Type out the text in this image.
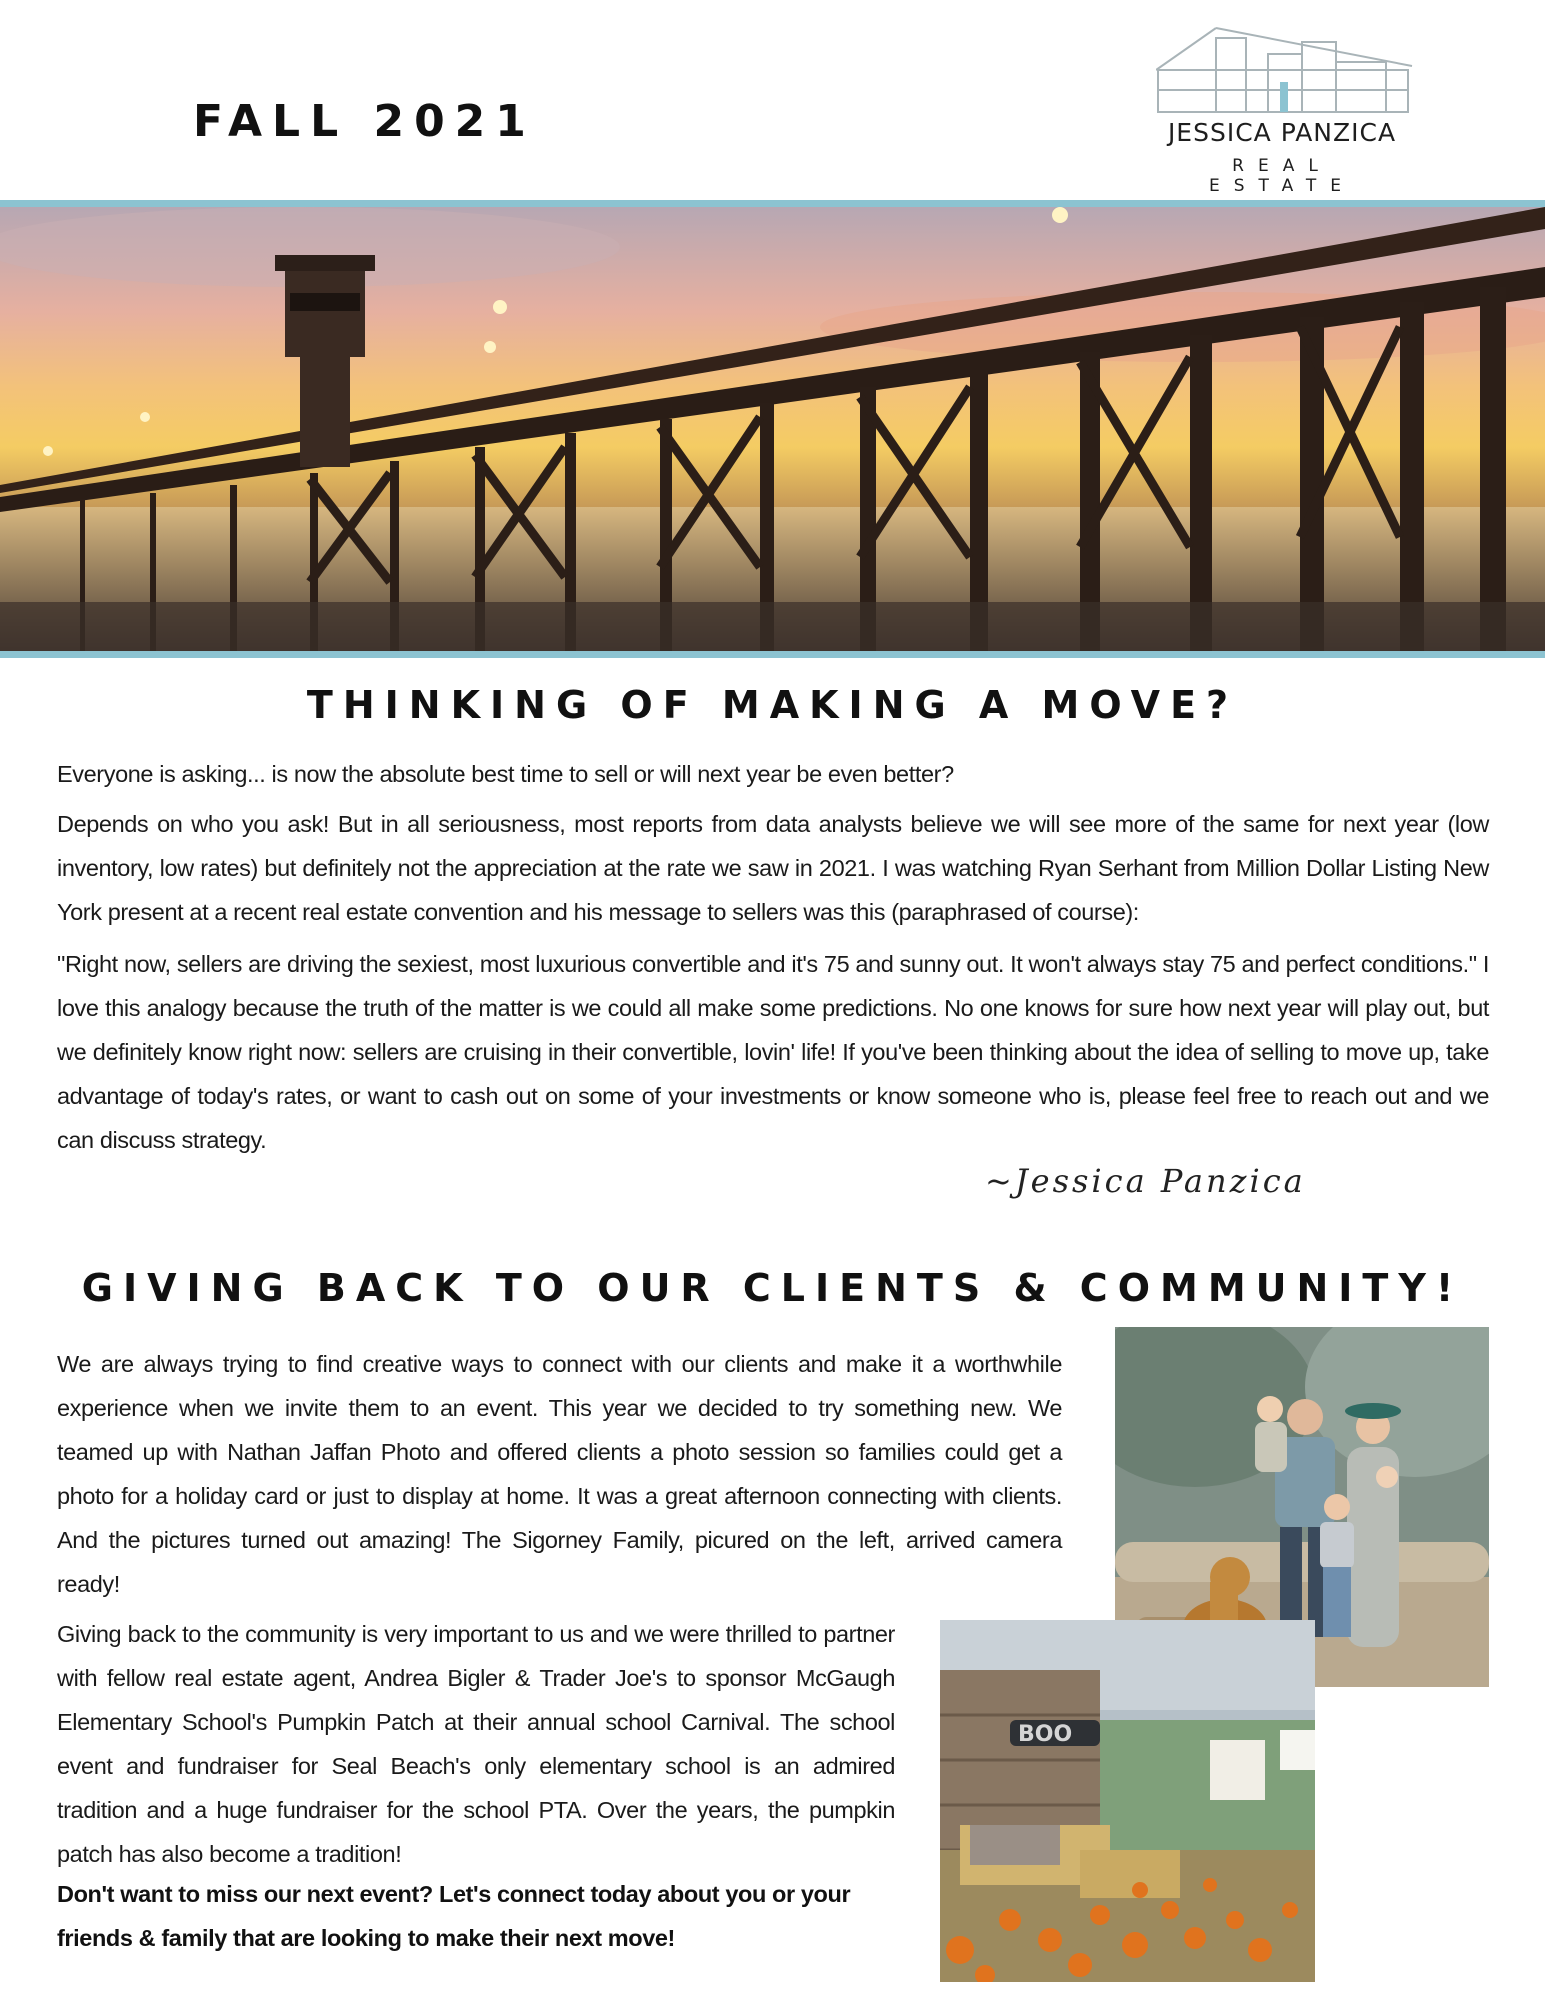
FALL 2021	JESSICA PANZICA
REAL ESTATE
THINKING OF MAKING A MOVE?

Everyone is asking... is now the absolute best time to sell or will next year be even better?

Depends on who you ask! But in all seriousness, most reports from data analysts believe we will see more of the same for next year (low inventory, low rates) but definitely not the appreciation at the rate we saw in 2021. I was watching Ryan Serhant from Million Dollar Listing New York present at a recent real estate convention and his message to sellers was this (paraphrased of course):

"Right now, sellers are driving the sexiest, most luxurious convertible and it's 75 and sunny out. It won't always stay 75 and perfect conditions." I love this analogy because the truth of the matter is we could all make some predictions. No one knows for sure how next year will play out, but we definitely know right now: sellers are cruising in their convertible, lovin' life! If you've been thinking about the idea of selling to move up, take advantage of today's rates, or want to cash out on some of your investments or know someone who is, please feel free to reach out and we can discuss strategy.

~Jessica Panzica
GIVING BACK TO OUR CLIENTS & COMMUNITY!
We are always trying to find creative ways to connect with our clients and make it a worthwhile experience when we invite them to an event. This year we decided to try something new. We teamed up with Nathan Jaffan Photo and offered clients a photo session so families could get a photo for a holiday card or just to display at home. It was a great afternoon connecting with clients. And the pictures turned out amazing! The Sigorney Family, picured on the left, arrived camera ready!
Giving back to the community is very important to us and we were thrilled to partner with fellow real estate agent, Andrea Bigler & Trader Joe's to sponsor McGaugh Elementary School's Pumpkin Patch at their annual school Carnival. The school event and fundraiser for Seal Beach's only elementary school is an admired tradition and a huge fundraiser for the school PTA. Over the years, the pumpkin patch has also become a tradition!
Don't want to miss our next event? Let's connect today about you or your friends & family that are looking to make their next move!
BOO
